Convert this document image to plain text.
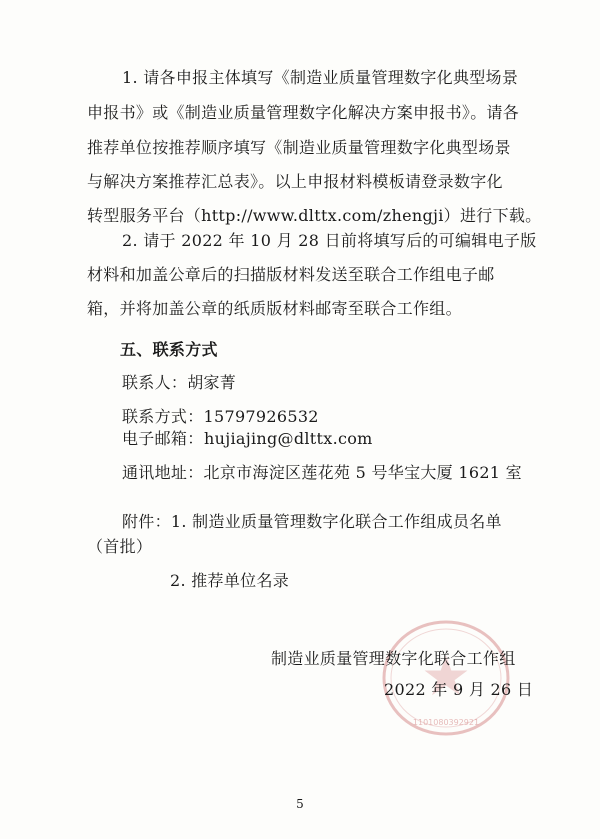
1. 请各申报主体填写《制造业质量管理数字化典型场景
申报书》或《制造业质量管理数字化解决方案申报书》。请各
推荐单位按推荐顺序填写《制造业质量管理数字化典型场景
与解决方案推荐汇总表》。以上申报材料模板请登录数字化
转型服务平台（http://www.dlttx.com/zhengji）进行下载。
2. 请于 2022 年 10 月 28 日前将填写后的可编辑电子版
材料和加盖公章后的扫描版材料发送至联合工作组电子邮
箱，并将加盖公章的纸质版材料邮寄至联合工作组。
五、联系方式
联系人：胡家菁
联系方式：15797926532
电子邮箱： hujiajing@dlttx.com
通讯地址：北京市海淀区莲花苑 5 号华宝大厦 1621 室
附件：1. 制造业质量管理数字化联合工作组成员名单
（首批）
2. 推荐单位名录
1101080392921
制造业质量管理数字化联合工作组
2022 年 9 月 26 日
5
